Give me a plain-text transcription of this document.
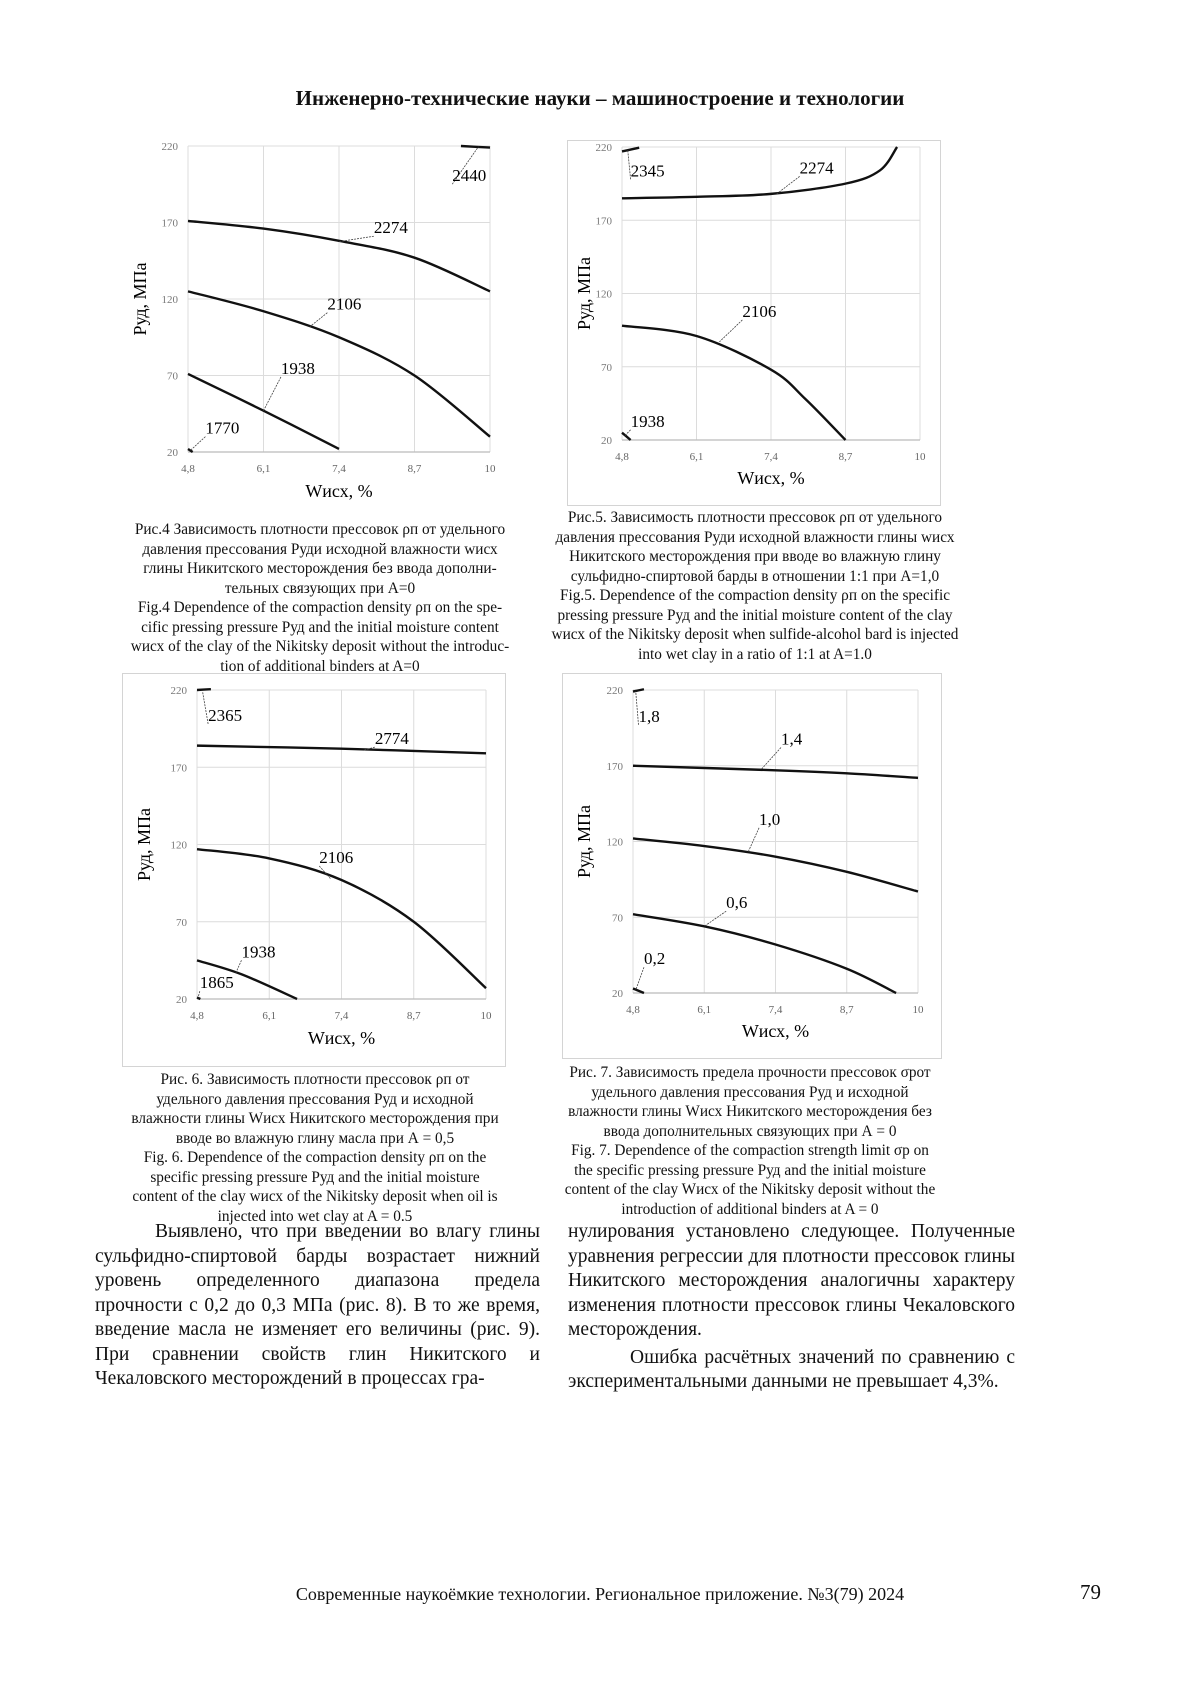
Инженерно-технические науки – машиностроение и технологии
4,8	6,1	7,4	8,7	10
20
70
120
170
220
Pуд, МПа
Wисх, %
2440
2274
2106
1938
1770
4,8	6,1	7,4	8,7	10
20
70
120
170
220
Pуд, МПа
Wисх, %
2345	2274
2106
1938
4,8	6,1	7,4	8,7	10
20
70
120
170
220
Руд, МПа
Wисх, %
2365
2774
2106
1938
1865
4,8	6,1	7,4	8,7	10
20
70
120
170
220
Pуд, МПа
Wисх, %
1,8
1,4
1,0
0,6
0,2
Рис.4 Зависимость плотности прессовок ρп от удельного
давления прессования Pуди исходной влажности wисх
глины Никитского месторождения без ввода дополни-
тельных связующих при А=0
Fig.4 Dependence of the compaction density ρп on the spe-
cific pressing pressure Pуд and the initial moisture content
wисх of the clay of the Nikitsky deposit without the introduc-
tion of additional binders at A=0
Рис.5. Зависимость плотности прессовок ρп от удельного
давления прессования Pуди исходной влажности глины wисх
Никитского месторождения при вводе во влажную глину
сульфидно-спиртовой барды в отношении 1:1 при А=1,0
Fig.5. Dependence of the compaction density ρп on the specific
pressing pressure Pуд and the initial moisture content of the clay
wисх of the Nikitsky deposit when sulfide-alcohol bard is injected
into wet clay in a ratio of 1:1 at A=1.0
Рис. 6. Зависимость плотности прессовок ρп от
удельного давления прессования Руд и исходной
влажности глины Wисх Никитского месторождения при
вводе во влажную глину масла при А = 0,5
Fig. 6. Dependence of the compaction density ρп on the
specific pressing pressure Руд and the initial moisture
content of the clay wисх of the Nikitsky deposit when oil is
injected into wet clay at A = 0.5
Рис. 7. Зависимость предела прочности прессовок σрот
удельного давления прессования Руд и исходной
влажности глины Wисх Никитского месторождения без
ввода дополнительных связующих при А = 0
Fig. 7. Dependence of the compaction strength limit σр on
the specific pressing pressure Руд and the initial moisture
content of the clay Wисх of the Nikitsky deposit without the
introduction of additional binders at A = 0

Выявлено, что при введении во влагу глины сульфидно-спиртовой барды возрастает нижний уровень определенного диапазона предела прочности с 0,2 до 0,3 МПа (рис. 8). В то же время, введение масла не изменяет его величины (рис. 9). При сравнении свойств глин Никитского и Чекаловского месторождений в процессах гра-

нулирования установлено следующее. Полученные уравнения регрессии для плотности прессовок глины Никитского месторождения аналогичны характеру изменения плотности прессовок глины Чекаловского месторождения.

Ошибка расчётных значений по сравнению с экспериментальными данными не превышает 4,3%.

Современные наукоёмкие технологии. Региональное приложение. №3(79) 2024	79
